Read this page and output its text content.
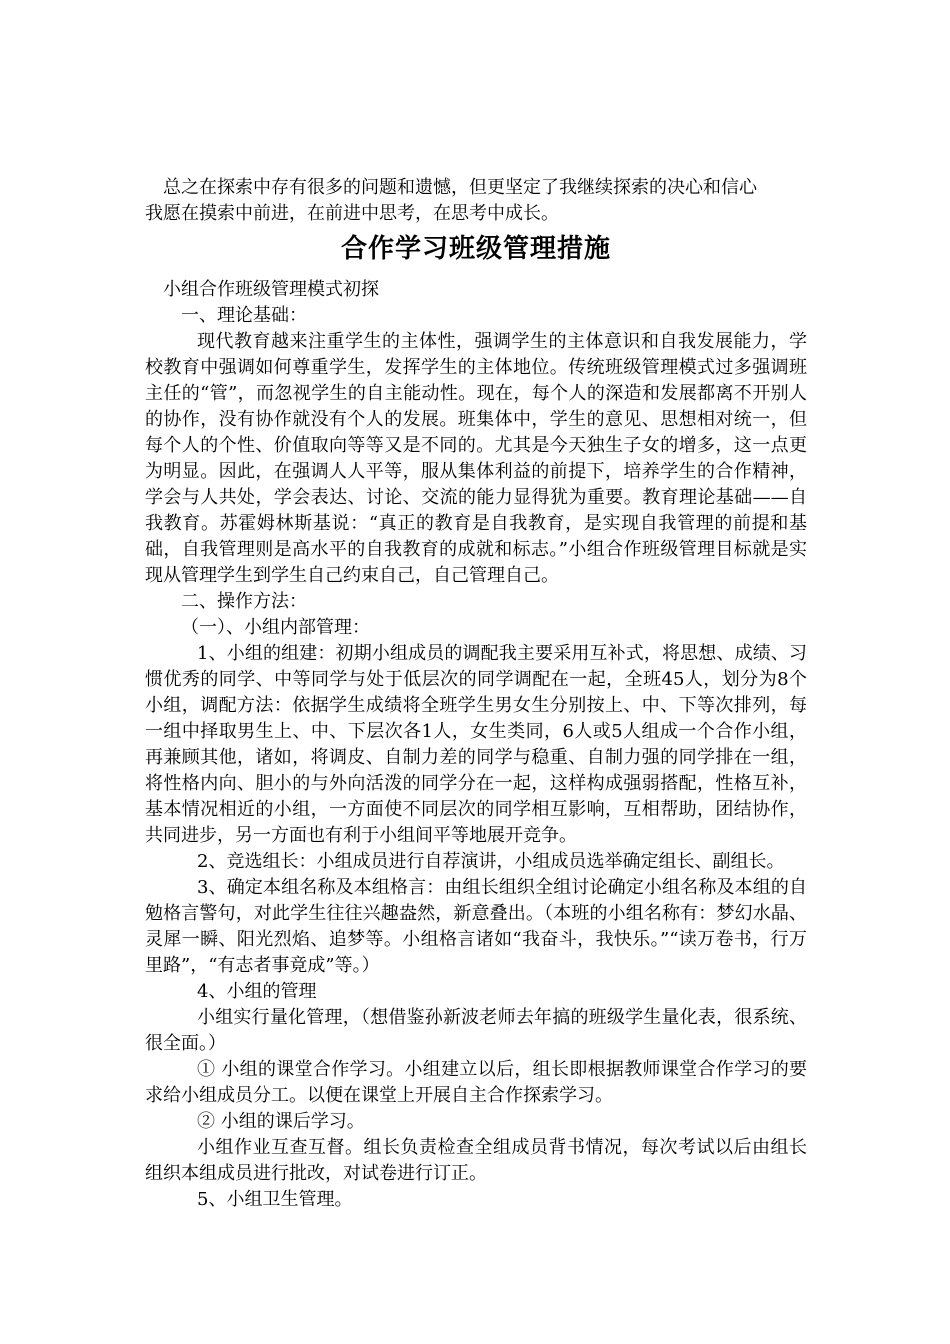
总之在探索中存有很多的问题和遗憾，但更坚定了我继续探索的决心和信心

我愿在摸索中前进，在前进中思考，在思考中成长。

合作学习班级管理措施

小组合作班级管理模式初探

一、理论基础：

现代教育越来注重学生的主体性，强调学生的主体意识和自我发展能力，学校教育中强调如何尊重学生，发挥学生的主体地位。传统班级管理模式过多强调班主任的“管”，而忽视学生的自主能动性。现在，每个人的深造和发展都离不开别人的协作，没有协作就没有个人的发展。班集体中，学生的意见、思想相对统一，但每个人的个性、价值取向等等又是不同的。尤其是今天独生子女的增多，这一点更为明显。因此，在强调人人平等，服从集体利益的前提下，培养学生的合作精神，学会与人共处，学会表达、讨论、交流的能力显得犹为重要。教育理论基础——自我教育。苏霍姆林斯基说：“真正的教育是自我教育，是实现自我管理的前提和基础，自我管理则是高水平的自我教育的成就和标志。”小组合作班级管理目标就是实现从管理学生到学生自己约束自己，自己管理自己。

二、操作方法：

（一）、小组内部管理：

1、小组的组建：初期小组成员的调配我主要采用互补式，将思想、成绩、习惯优秀的同学、中等同学与处于低层次的同学调配在一起，全班45人，划分为8个小组，调配方法：依据学生成绩将全班学生男女生分别按上、中、下等次排列，每一组中择取男生上、中、下层次各1人，女生类同，6人或5人组成一个合作小组，再兼顾其他，诸如，将调皮、自制力差的同学与稳重、自制力强的同学排在一组，将性格内向、胆小的与外向活泼的同学分在一起，这样构成强弱搭配，性格互补，基本情况相近的小组，一方面使不同层次的同学相互影响，互相帮助，团结协作，共同进步，另一方面也有利于小组间平等地展开竞争。

2、竞选组长：小组成员进行自荐演讲，小组成员选举确定组长、副组长。

3、确定本组名称及本组格言：由组长组织全组讨论确定小组名称及本组的自勉格言警句，对此学生往往兴趣盎然，新意叠出。（本班的小组名称有：梦幻水晶、灵犀一瞬、阳光烈焰、追梦等。小组格言诸如“我奋斗，我快乐。”“读万卷书，行万里路”，“有志者事竟成”等。）

4、小组的管理

小组实行量化管理，（想借鉴孙新波老师去年搞的班级学生量化表，很系统、很全面。）

① 小组的课堂合作学习。小组建立以后，组长即根据教师课堂合作学习的要求给小组成员分工。以便在课堂上开展自主合作探索学习。

② 小组的课后学习。

小组作业互查互督。组长负责检查全组成员背书情况，每次考试以后由组长组织本组成员进行批改，对试卷进行订正。

5、小组卫生管理。
